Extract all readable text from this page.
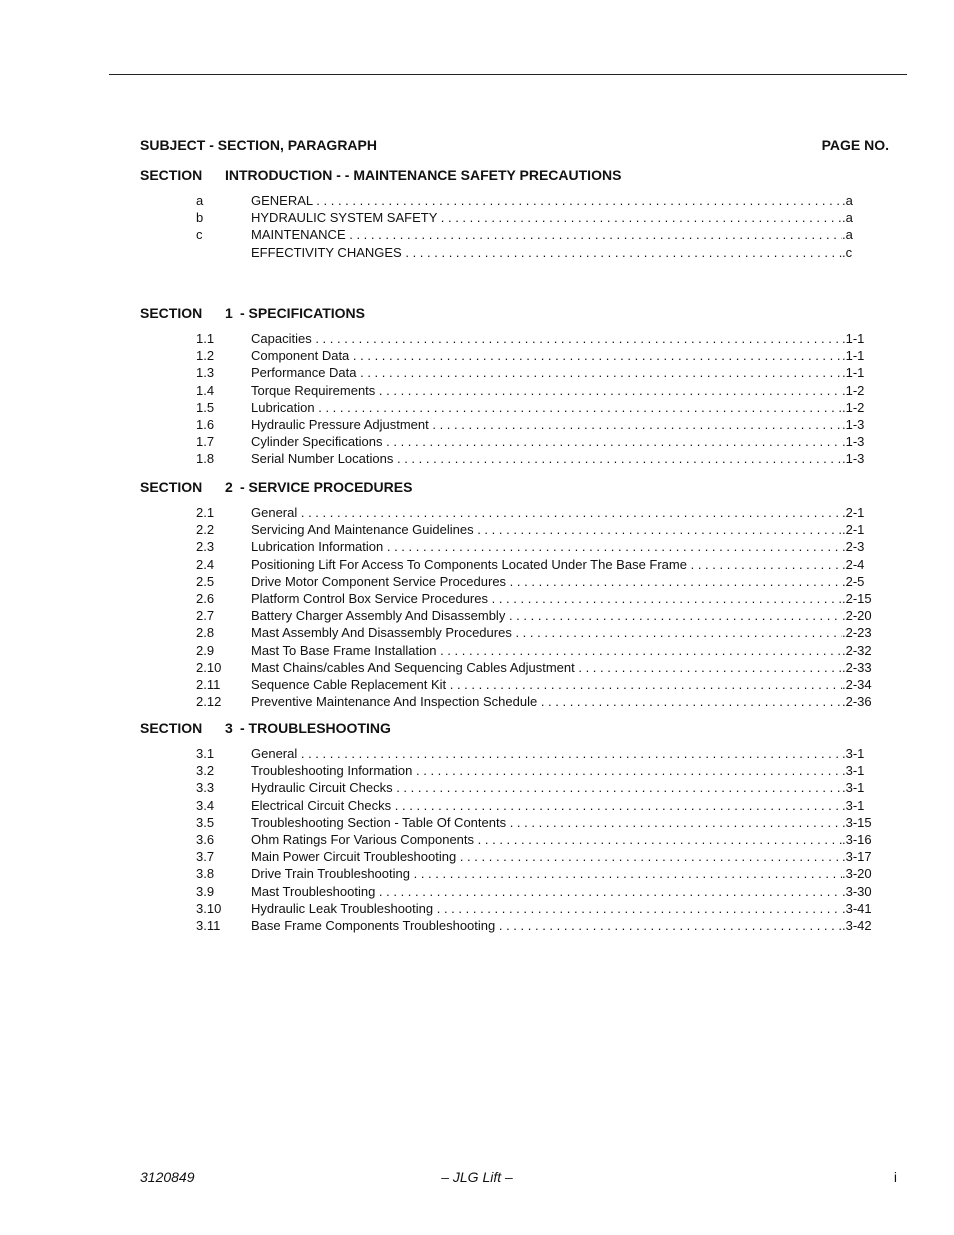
SUBJECT - SECTION, PARAGRAPH	PAGE NO.
SECTION INTRODUCTION - - MAINTENANCE SAFETY PRECAUTIONS
a	GENERAL . . .	.a
b	HYDRAULIC SYSTEM SAFETY . . .	.a
c	MAINTENANCE . . .	.a
EFFECTIVITY CHANGES . . .	.c
SECTION 1 - SPECIFICATIONS
1.1	Capacities . . .	.1-1
1.2	Component Data . . .	.1-1
1.3	Performance Data . . .	.1-1
1.4	Torque Requirements . . .	.1-2
1.5	Lubrication . . .	.1-2
1.6	Hydraulic Pressure Adjustment . . .	.1-3
1.7	Cylinder Specifications . . .	.1-3
1.8	Serial Number Locations . . .	.1-3
SECTION 2 - SERVICE PROCEDURES
2.1	General . . .	.2-1
2.2	Servicing And Maintenance Guidelines . . .	.2-1
2.3	Lubrication Information . . .	.2-3
2.4	Positioning Lift For Access To Components Located Under The Base Frame . . .	.2-4
2.5	Drive Motor Component Service Procedures . . .	.2-5
2.6	Platform Control Box Service Procedures . . .	.2-15
2.7	Battery Charger Assembly And Disassembly . . .	.2-20
2.8	Mast Assembly And Disassembly Procedures . . .	.2-23
2.9	Mast To Base Frame Installation . . .	.2-32
2.10 Mast Chains/cables And Sequencing Cables Adjustment . . .	.2-33
2.11 Sequence Cable Replacement Kit . . .	.2-34
2.12 Preventive Maintenance And Inspection Schedule . . .	.2-36
SECTION 3 - TROUBLESHOOTING
3.1	General . . .	.3-1
3.2	Troubleshooting Information . . .	.3-1
3.3	Hydraulic Circuit Checks . . .	.3-1
3.4	Electrical Circuit Checks . . .	.3-1
3.5	Troubleshooting Section - Table Of Contents . . .	.3-15
3.6	Ohm Ratings For Various Components . . .	.3-16
3.7	Main Power Circuit Troubleshooting . . .	.3-17
3.8	Drive Train Troubleshooting . . .	.3-20
3.9	Mast Troubleshooting . . .	.3-30
3.10 Hydraulic Leak Troubleshooting . . .	.3-41
3.11 Base Frame Components Troubleshooting . . .	.3-42
3120849	– JLG Lift –	i
